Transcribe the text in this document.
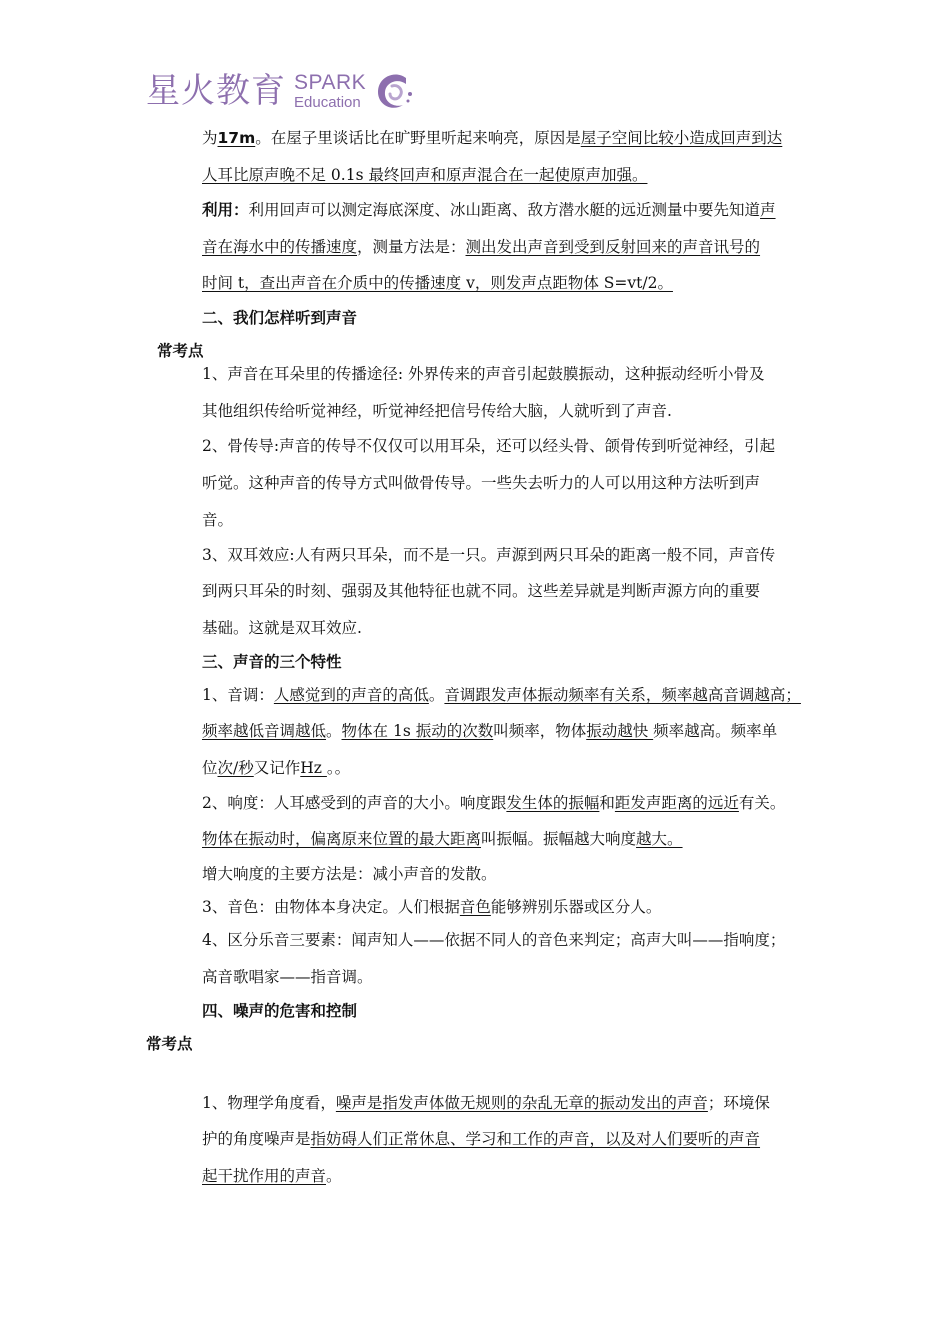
星火教育 SPARK
Education
为17m。在屋子里谈话比在旷野里听起来响亮，原因是屋子空间比较小造成回声到达
人耳比原声晚不足 0.1s 最终回声和原声混合在一起使原声加强。
利用：利用回声可以测定海底深度、冰山距离、敌方潜水艇的远近测量中要先知道声
音在海水中的传播速度，测量方法是：测出发出声音到受到反射回来的声音讯号的
时间 t，查出声音在介质中的传播速度 v，则发声点距物体 S=vt/2。
二、我们怎样听到声音
常考点
1、声音在耳朵里的传播途径: 外界传来的声音引起鼓膜振动，这种振动经听小骨及
其他组织传给听觉神经，听觉神经把信号传给大脑，人就听到了声音.
2、骨传导:声音的传导不仅仅可以用耳朵，还可以经头骨、颌骨传到听觉神经，引起
听觉。这种声音的传导方式叫做骨传导。一些失去听力的人可以用这种方法听到声
音。
3、双耳效应:人有两只耳朵，而不是一只。声源到两只耳朵的距离一般不同，声音传
到两只耳朵的时刻、强弱及其他特征也就不同。这些差异就是判断声源方向的重要
基础。这就是双耳效应.
三、声音的三个特性
1、音调：人感觉到的声音的高低。音调跟发声体振动频率有关系，频率越高音调越高；
频率越低音调越低。物体在 1s 振动的次数叫频率，物体振动越快 频率越高。频率单
位次/秒又记作Hz 。。
2、响度：人耳感受到的声音的大小。响度跟发生体的振幅和距发声距离的远近有关。
物体在振动时，偏离原来位置的最大距离叫振幅。振幅越大响度越大。
增大响度的主要方法是：减小声音的发散。
3、音色：由物体本身决定。人们根据音色能够辨别乐器或区分人。
4、区分乐音三要素：闻声知人——依据不同人的音色来判定；高声大叫——指响度；
高音歌唱家——指音调。
四、噪声的危害和控制
常考点
1、物理学角度看，噪声是指发声体做无规则的杂乱无章的振动发出的声音；环境保
护的角度噪声是指妨碍人们正常休息、学习和工作的声音，以及对人们要听的声音
起干扰作用的声音。
